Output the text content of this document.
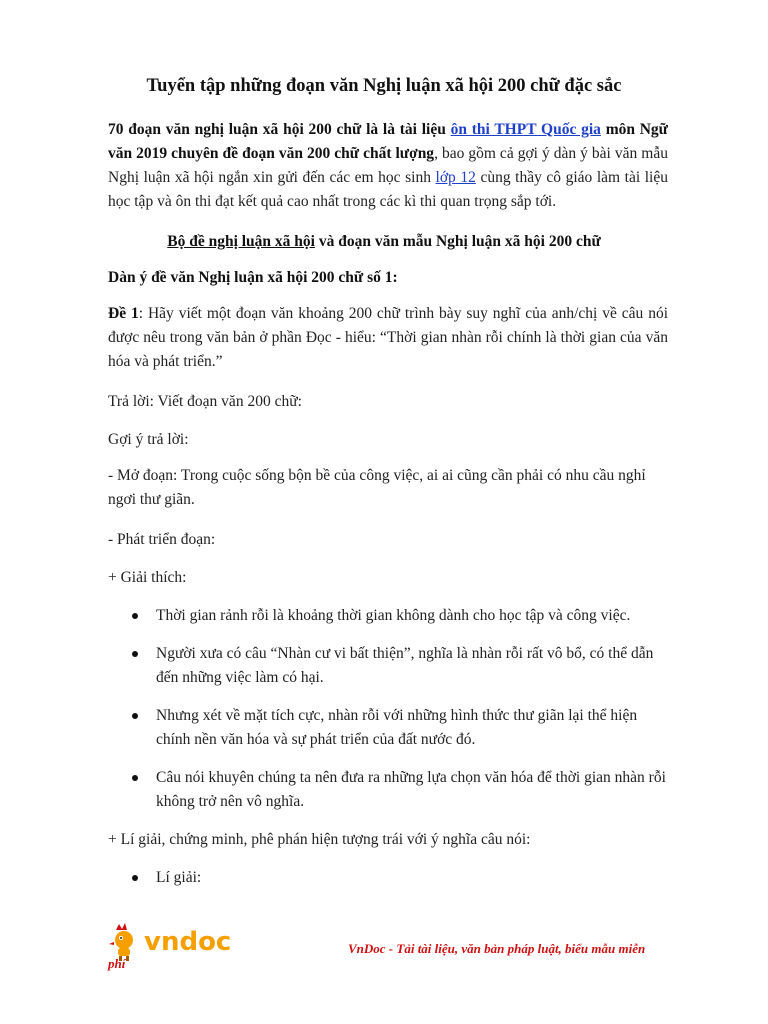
Tuyển tập những đoạn văn Nghị luận xã hội 200 chữ đặc sắc
70 đoạn văn nghị luận xã hội 200 chữ là là tài liệu ôn thi THPT Quốc gia môn Ngữ văn 2019 chuyên đề đoạn văn 200 chữ chất lượng, bao gồm cả gợi ý dàn ý bài văn mẫu Nghị luận xã hội ngắn xin gửi đến các em học sinh lớp 12 cùng thầy cô giáo làm tài liệu học tập và ôn thi đạt kết quả cao nhất trong các kì thi quan trọng sắp tới.
Bộ đề nghị luận xã hội và đoạn văn mẫu Nghị luận xã hội 200 chữ
Dàn ý đề văn Nghị luận xã hội 200 chữ số 1:
Đề 1: Hãy viết một đoạn văn khoảng 200 chữ trình bày suy nghĩ của anh/chị về câu nói được nêu trong văn bản ở phần Đọc - hiểu: “Thời gian nhàn rỗi chính là thời gian của văn hóa và phát triển.”
Trả lời: Viết đoạn văn 200 chữ:
Gợi ý trả lời:
- Mở đoạn: Trong cuộc sống bộn bề của công việc, ai ai cũng cần phải có nhu cầu nghỉ ngơi thư giãn.
- Phát triển đoạn:
+ Giải thích:
Thời gian rảnh rỗi là khoảng thời gian không dành cho học tập và công việc.
Người xưa có câu “Nhàn cư vi bất thiện”, nghĩa là nhàn rỗi rất vô bổ, có thể dẫn đến những việc làm có hại.
Nhưng xét về mặt tích cực, nhàn rỗi với những hình thức thư giãn lại thể hiện chính nền văn hóa và sự phát triển của đất nước đó.
Câu nói khuyên chúng ta nên đưa ra những lựa chọn văn hóa để thời gian nhàn rỗi không trở nên vô nghĩa.
+ Lí giải, chứng minh, phê phán hiện tượng trái với ý nghĩa câu nói:
Lí giải:
vndoc
phí
VnDoc - Tải tài liệu, văn bản pháp luật, biểu mẫu miễn
